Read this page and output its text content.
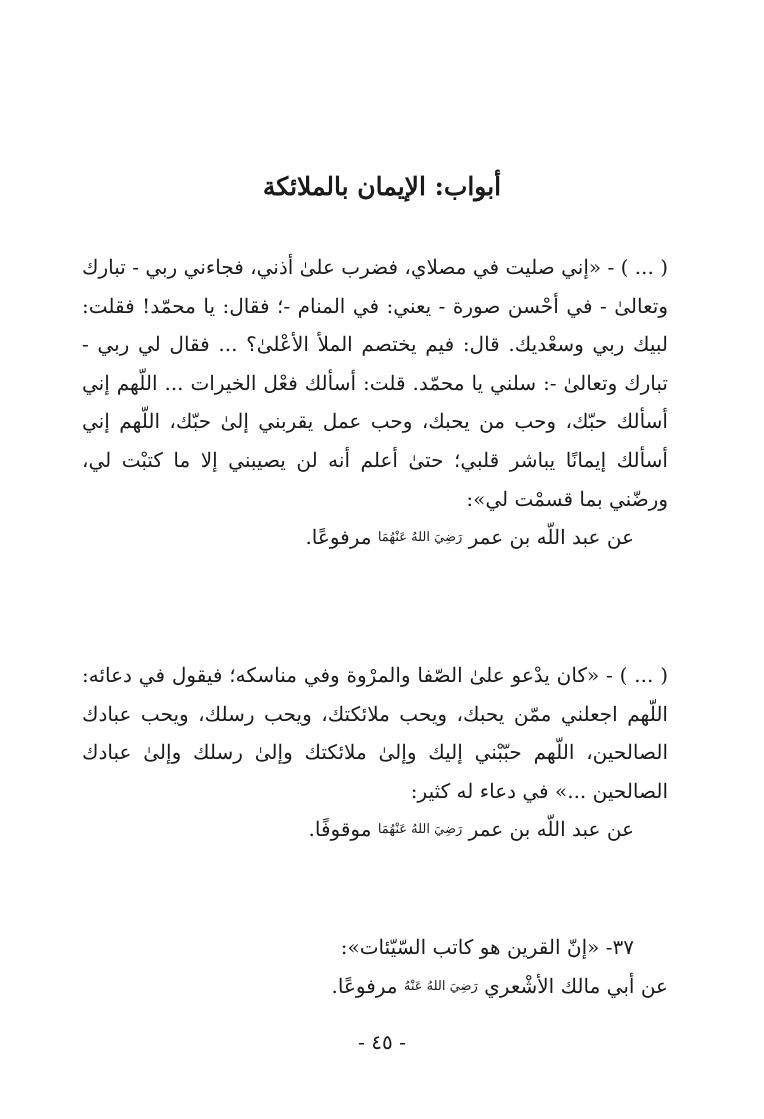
أبواب: الإيمان بالملائكة

( ... ) - «إني صليت في مصلاي، فضرب علىٰ أذني، فجاءني ربي - تبارك وتعالىٰ - في أحْسن صورة - يعني: في المنام -؛ فقال: يا محمّد! فقلت: لبيك ربي وسعْديك. قال: فيم يختصم الملأ الأعْلىٰ؟ ... فقال لي ربي - تبارك وتعالىٰ -: سلني يا محمّد. قلت: أسألك فعْل الخيرات ... اللّهم إني أسألك حبّك، وحب من يحبك، وحب عمل يقربني إلىٰ حبّك، اللّهم إني أسألك إيمانًا يباشر قلبي؛ حتىٰ أعلم أنه لن يصيبني إلا ما كتبْت لي، ورضّني بما قسمْت لي»:

عن عبد اللّه بن عمر رَضِيَ اللهُ عَنْهُمَا مرفوعًا.

( ... ) - «كان يدْعو علىٰ الصّفا والمرْوة وفي مناسكه؛ فيقول في دعائه: اللّهم اجعلني ممّن يحبك، ويحب ملائكتك، ويحب رسلك، ويحب عبادك الصالحين، اللّهم حبّبْني إليك وإلىٰ ملائكتك وإلىٰ رسلك وإلىٰ عبادك الصالحين ...» في دعاء له كثير:

عن عبد اللّه بن عمر رَضِيَ اللهُ عَنْهُمَا موقوفًا.

٣٧- «إنّ القرين هو كاتب السّيّئات»:

عن أبي مالك الأشْعري رَضِيَ اللهُ عَنْهُ مرفوعًا.

- ٤٥ -
